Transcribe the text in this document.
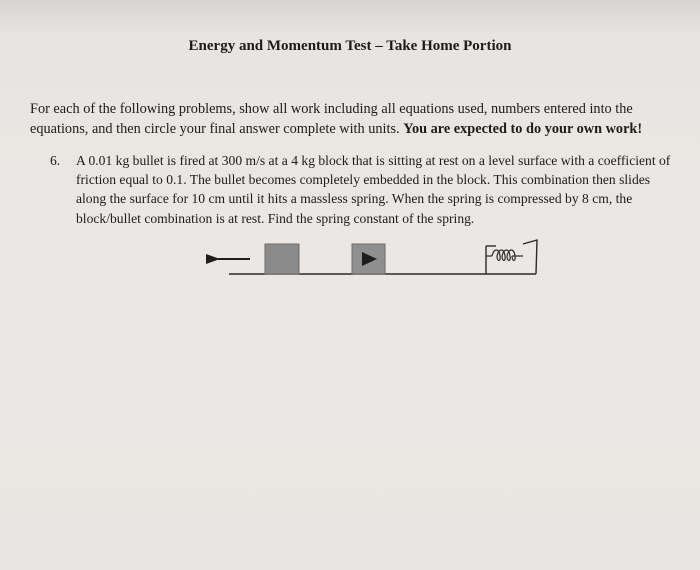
Energy and Momentum Test – Take Home Portion
For each of the following problems, show all work including all equations used, numbers entered into the equations, and then circle your final answer complete with units. You are expected to do your own work!
6. A 0.01 kg bullet is fired at 300 m/s at a 4 kg block that is sitting at rest on a level surface with a coefficient of friction equal to 0.1. The bullet becomes completely embedded in the block. This combination then slides along the surface for 10 cm until it hits a massless spring. When the spring is compressed by 8 cm, the block/bullet combination is at rest. Find the spring constant of the spring.
